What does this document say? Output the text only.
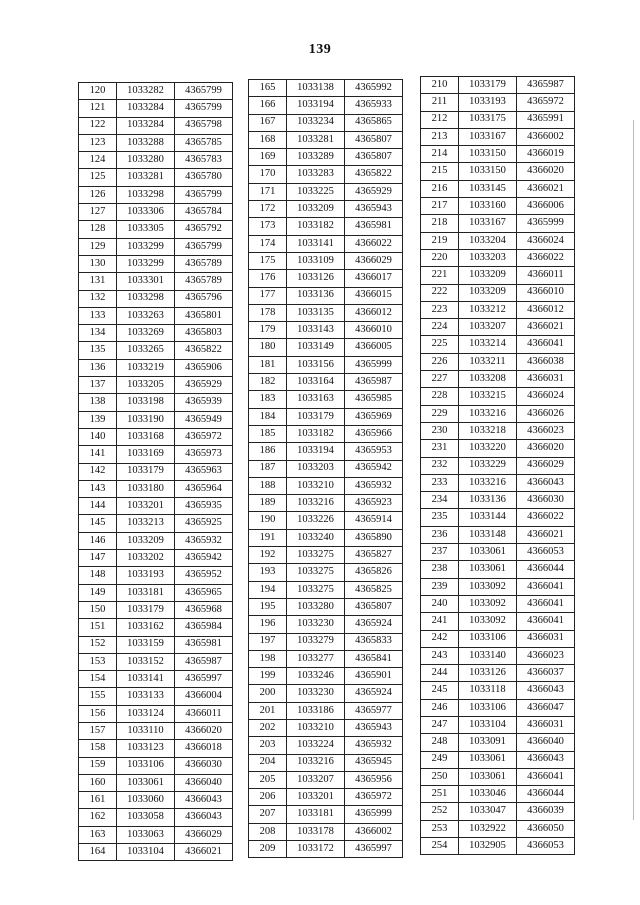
139
120	1033282	4365799
121	1033284	4365799
122	1033284	4365798
123	1033288	4365785
124	1033280	4365783
125	1033281	4365780
126	1033298	4365799
127	1033306	4365784
128	1033305	4365792
129	1033299	4365799
130	1033299	4365789
131	1033301	4365789
132	1033298	4365796
133	1033263	4365801
134	1033269	4365803
135	1033265	4365822
136	1033219	4365906
137	1033205	4365929
138	1033198	4365939
139	1033190	4365949
140	1033168	4365972
141	1033169	4365973
142	1033179	4365963
143	1033180	4365964
144	1033201	4365935
145	1033213	4365925
146	1033209	4365932
147	1033202	4365942
148	1033193	4365952
149	1033181	4365965
150	1033179	4365968
151	1033162	4365984
152	1033159	4365981
153	1033152	4365987
154	1033141	4365997
155	1033133	4366004
156	1033124	4366011
157	1033110	4366020
158	1033123	4366018
159	1033106	4366030
160	1033061	4366040
161	1033060	4366043
162	1033058	4366043
163	1033063	4366029
164	1033104	4366021
165	1033138	4365992
166	1033194	4365933
167	1033234	4365865
168	1033281	4365807
169	1033289	4365807
170	1033283	4365822
171	1033225	4365929
172	1033209	4365943
173	1033182	4365981
174	1033141	4366022
175	1033109	4366029
176	1033126	4366017
177	1033136	4366015
178	1033135	4366012
179	1033143	4366010
180	1033149	4366005
181	1033156	4365999
182	1033164	4365987
183	1033163	4365985
184	1033179	4365969
185	1033182	4365966
186	1033194	4365953
187	1033203	4365942
188	1033210	4365932
189	1033216	4365923
190	1033226	4365914
191	1033240	4365890
192	1033275	4365827
193	1033275	4365826
194	1033275	4365825
195	1033280	4365807
196	1033230	4365924
197	1033279	4365833
198	1033277	4365841
199	1033246	4365901
200	1033230	4365924
201	1033186	4365977
202	1033210	4365943
203	1033224	4365932
204	1033216	4365945
205	1033207	4365956
206	1033201	4365972
207	1033181	4365999
208	1033178	4366002
209	1033172	4365997
210	1033179	4365987
211	1033193	4365972
212	1033175	4365991
213	1033167	4366002
214	1033150	4366019
215	1033150	4366020
216	1033145	4366021
217	1033160	4366006
218	1033167	4365999
219	1033204	4366024
220	1033203	4366022
221	1033209	4366011
222	1033209	4366010
223	1033212	4366012
224	1033207	4366021
225	1033214	4366041
226	1033211	4366038
227	1033208	4366031
228	1033215	4366024
229	1033216	4366026
230	1033218	4366023
231	1033220	4366020
232	1033229	4366029
233	1033216	4366043
234	1033136	4366030
235	1033144	4366022
236	1033148	4366021
237	1033061	4366053
238	1033061	4366044
239	1033092	4366041
240	1033092	4366041
241	1033092	4366041
242	1033106	4366031
243	1033140	4366023
244	1033126	4366037
245	1033118	4366043
246	1033106	4366047
247	1033104	4366031
248	1033091	4366040
249	1033061	4366043
250	1033061	4366041
251	1033046	4366044
252	1033047	4366039
253	1032922	4366050
254	1032905	4366053
